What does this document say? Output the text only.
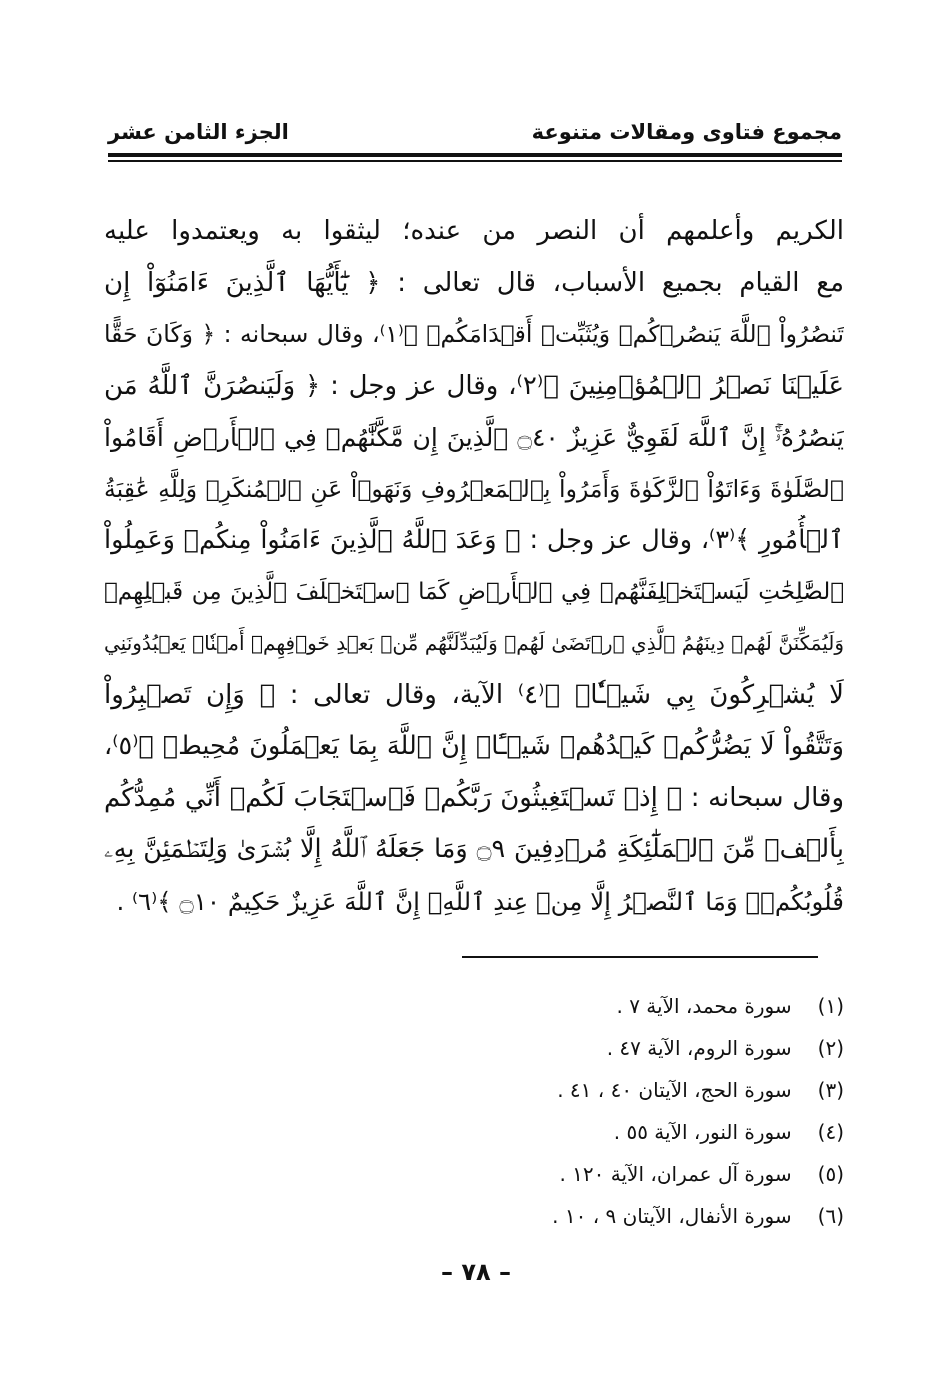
مجموع فتاوى ومقالات متنوعة
الجزء الثامن عشر
الكريم وأعلمهم أن النصر من عنده؛ ليثقوا به ويعتمدوا عليه
مع القيام بجميع الأسباب، قال تعالى : ﴿ يَٰٓأَيُّهَا ٱلَّذِينَ ءَامَنُوٓاْ إِن
تَنصُرُواْ ٱللَّهَ يَنصُرۡكُمۡ وَيُثَبِّتۡ أَقۡدَامَكُمۡ ﴾⁽١⁾، وقال سبحانه : ﴿ وَكَانَ حَقًّا
عَلَيۡنَا نَصۡرُ ٱلۡمُؤۡمِنِينَ ﴾⁽٢⁾، وقال عز وجل : ﴿ وَلَيَنصُرَنَّ ٱللَّهُ مَن
يَنصُرُهُۥٓۚ إِنَّ ٱللَّهَ لَقَوِيٌّ عَزِيزٌ ۝٤٠ ٱلَّذِينَ إِن مَّكَّنَّٰهُمۡ فِي ٱلۡأَرۡضِ أَقَامُواْ
ٱلصَّلَوٰةَ وَءَاتَوُاْ ٱلزَّكَوٰةَ وَأَمَرُواْ بِٱلۡمَعۡرُوفِ وَنَهَوۡاْ عَنِ ٱلۡمُنكَرِۗ وَلِلَّهِ عَٰقِبَةُ
ٱلۡأُمُورِ ﴾⁽٣⁾، وقال عز وجل : ﴿ وَعَدَ ٱللَّهُ ٱلَّذِينَ ءَامَنُواْ مِنكُمۡ وَعَمِلُواْ
ٱلصَّٰلِحَٰتِ لَيَسۡتَخۡلِفَنَّهُمۡ فِي ٱلۡأَرۡضِ كَمَا ٱسۡتَخۡلَفَ ٱلَّذِينَ مِن قَبۡلِهِمۡ
وَلَيُمَكِّنَنَّ لَهُمۡ دِينَهُمُ ٱلَّذِي ٱرۡتَضَىٰ لَهُمۡ وَلَيُبَدِّلَنَّهُم مِّنۢ بَعۡدِ خَوۡفِهِمۡ أَمۡنٗاۚ يَعۡبُدُونَنِي
لَا يُشۡرِكُونَ بِي شَيۡـٔٗاۚ ﴾⁽٤⁾ الآية، وقال تعالى : ﴿ وَإِن تَصۡبِرُواْ
وَتَتَّقُواْ لَا يَضُرُّكُمۡ كَيۡدُهُمۡ شَيۡـًٔاۗ إِنَّ ٱللَّهَ بِمَا يَعۡمَلُونَ مُحِيطٞ ﴾⁽٥⁾،
وقال سبحانه : ﴿ إِذۡ تَسۡتَغِيثُونَ رَبَّكُمۡ فَٱسۡتَجَابَ لَكُمۡ أَنِّي مُمِدُّكُم
بِأَلۡفٖ مِّنَ ٱلۡمَلَٰٓئِكَةِ مُرۡدِفِينَ ۝٩ وَمَا جَعَلَهُ ٱللَّهُ إِلَّا بُشۡرَىٰ وَلِتَطۡمَئِنَّ بِهِۦ
قُلُوبُكُمۡۚ وَمَا ٱلنَّصۡرُ إِلَّا مِنۡ عِندِ ٱللَّهِۚ إِنَّ ٱللَّهَ عَزِيزٌ حَكِيمٌ ۝١٠ ﴾⁽٦⁾ .
(١) سورة محمد، الآية ٧ .
(٢) سورة الروم، الآية ٤٧ .
(٣) سورة الحج، الآيتان ٤٠ ، ٤١ .
(٤) سورة النور، الآية ٥٥ .
(٥) سورة آل عمران، الآية ١٢٠ .
(٦) سورة الأنفال، الآيتان ٩ ، ١٠ .
– ٧٨ –
